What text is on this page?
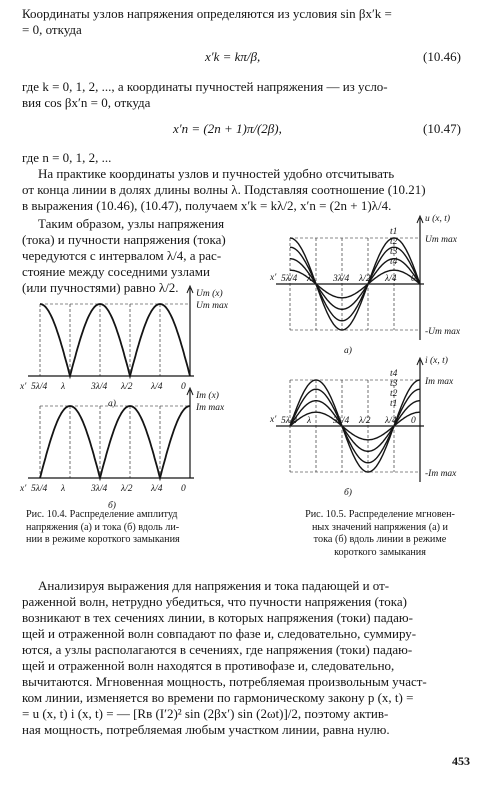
Координаты узлов напряжения определяются из условия sin βx′k =
= 0, откуда
x′k = kπ/β,	(10.46)
где k = 0, 1, 2, ..., а координаты пучностей напряжения — из усло-
вия cos βx′n = 0, откуда
x′n = (2n + 1)π/(2β),	(10.47)
где n = 0, 1, 2, ...
На практике координаты узлов и пучностей удобно отсчитывать
от конца линии в долях длины волны λ. Подставляя соотношение (10.21)
в выражения (10.46), (10.47), получаем x′k = kλ/2, x′n = (2n + 1)λ/4.
Таким образом, узлы напряжения
(тока) и пучности напряжения (тока)
чередуются с интервалом λ/4, а рас-
стояние между соседними узлами
(или пучностями) равно λ/2.
x′ 5λ/4 λ	3λ/4 λ/2 λ/4 0
Um (x)
Um max
а)
x′ 5λ/4 λ	3λ/4 λ/2 λ/4 0
Im (x)
Im max
б)
Рис. 10.4. Распределение амплитуд
напряжения (а) и тока (б) вдоль ли-
нии в режиме короткого замыкания
t1
t2
t3
t4
x′ 5λ/4 λ 3λ/4 λ/2 λ/4 0
u (x, t)
Um max
-Um max
а)
t4
t3
t2
t1
x′ 5λ/4 λ 3λ/4 λ/2 λ/4 0
i (x, t)
Im max
-Im max
б)
Рис. 10.5. Распределение мгновен-
ных значений напряжения (а) и
тока (б) вдоль линии в режиме
короткого замыкания
Анализируя выражения для напряжения и тока падающей и от-
раженной волн, нетрудно убедиться, что пучности напряжения (тока)
возникают в тех сечениях линии, в которых напряжения (токи) падаю-
щей и отраженной волн совпадают по фазе и, следовательно, суммиру-
ются, а узлы располагаются в сечениях, где напряжения (токи) падаю-
щей и отраженной волн находятся в противофазе и, следовательно,
вычитаются. Мгновенная мощность, потребляемая произвольным участ-
ком линии, изменяется во времени по гармоническому закону p (x, t) =
= u (x, t) i (x, t) = — [Rв (I′2)² sin (2βx′) sin (2ωt)]/2, поэтому актив-
ная мощность, потребляемая любым участком линии, равна нулю.
453
